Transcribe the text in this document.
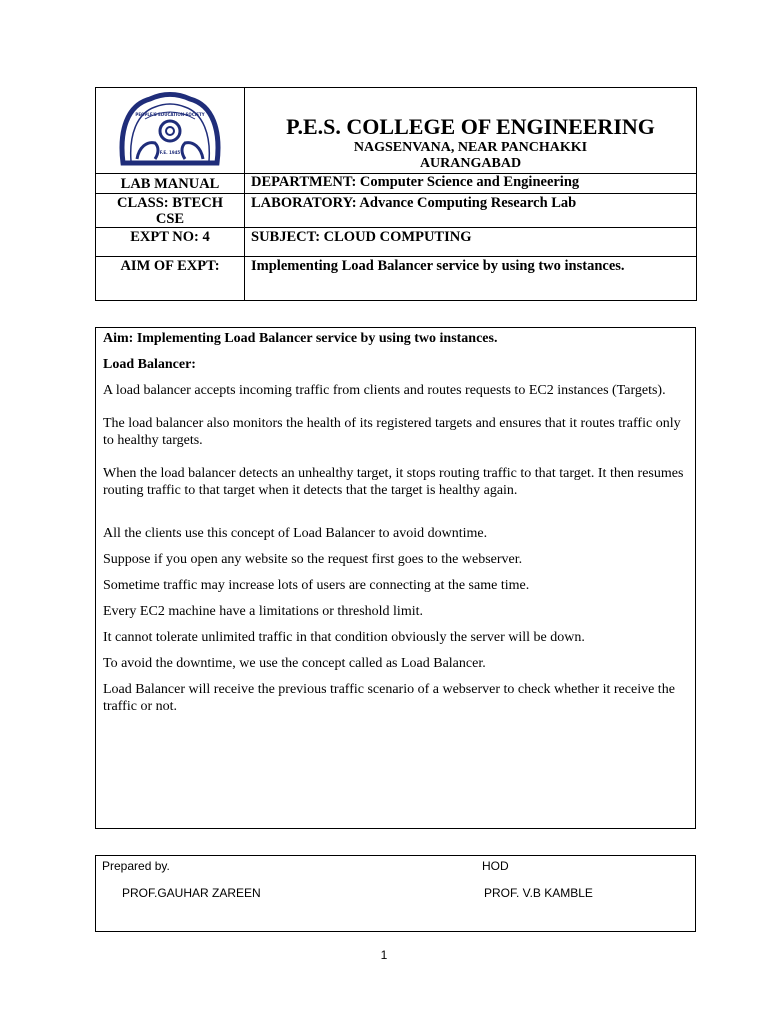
F.E. 1945
PEOPLE'S EDUCATION SOCIETY	P.E.S. COLLEGE OF ENGINEERING
NAGSENVANA, NEAR PANCHAKKI
AURANGABAD

LAB MANUAL	DEPARTMENT: Computer Science and Engineering
CLASS: BTECH CSE	LABORATORY: Advance Computing Research Lab
EXPT NO: 4	SUBJECT: CLOUD COMPUTING
AIM OF EXPT:	Implementing Load Balancer service by using two instances.

Aim: Implementing Load Balancer service by using two instances.

Load Balancer:

A load balancer accepts incoming traffic from clients and routes requests to EC2 instances (Targets).

The load balancer also monitors the health of its registered targets and ensures that it routes traffic only to healthy targets.

When the load balancer detects an unhealthy target, it stops routing traffic to that target. It then resumes routing traffic to that target when it detects that the target is healthy again.

All the clients use this concept of Load Balancer to avoid downtime.

Suppose if you open any website so the request first goes to the webserver.

Sometime traffic may increase lots of users are connecting at the same time.

Every EC2 machine have a limitations or threshold limit.

It cannot tolerate unlimited traffic in that condition obviously the server will be down.

To avoid the downtime, we use the concept called as Load Balancer.

Load Balancer will receive the previous traffic scenario of a webserver to check whether it receive the traffic or not.

Prepared by.
PROF.GAUHAR ZAREEN
HOD
PROF. V.B KAMBLE
1
